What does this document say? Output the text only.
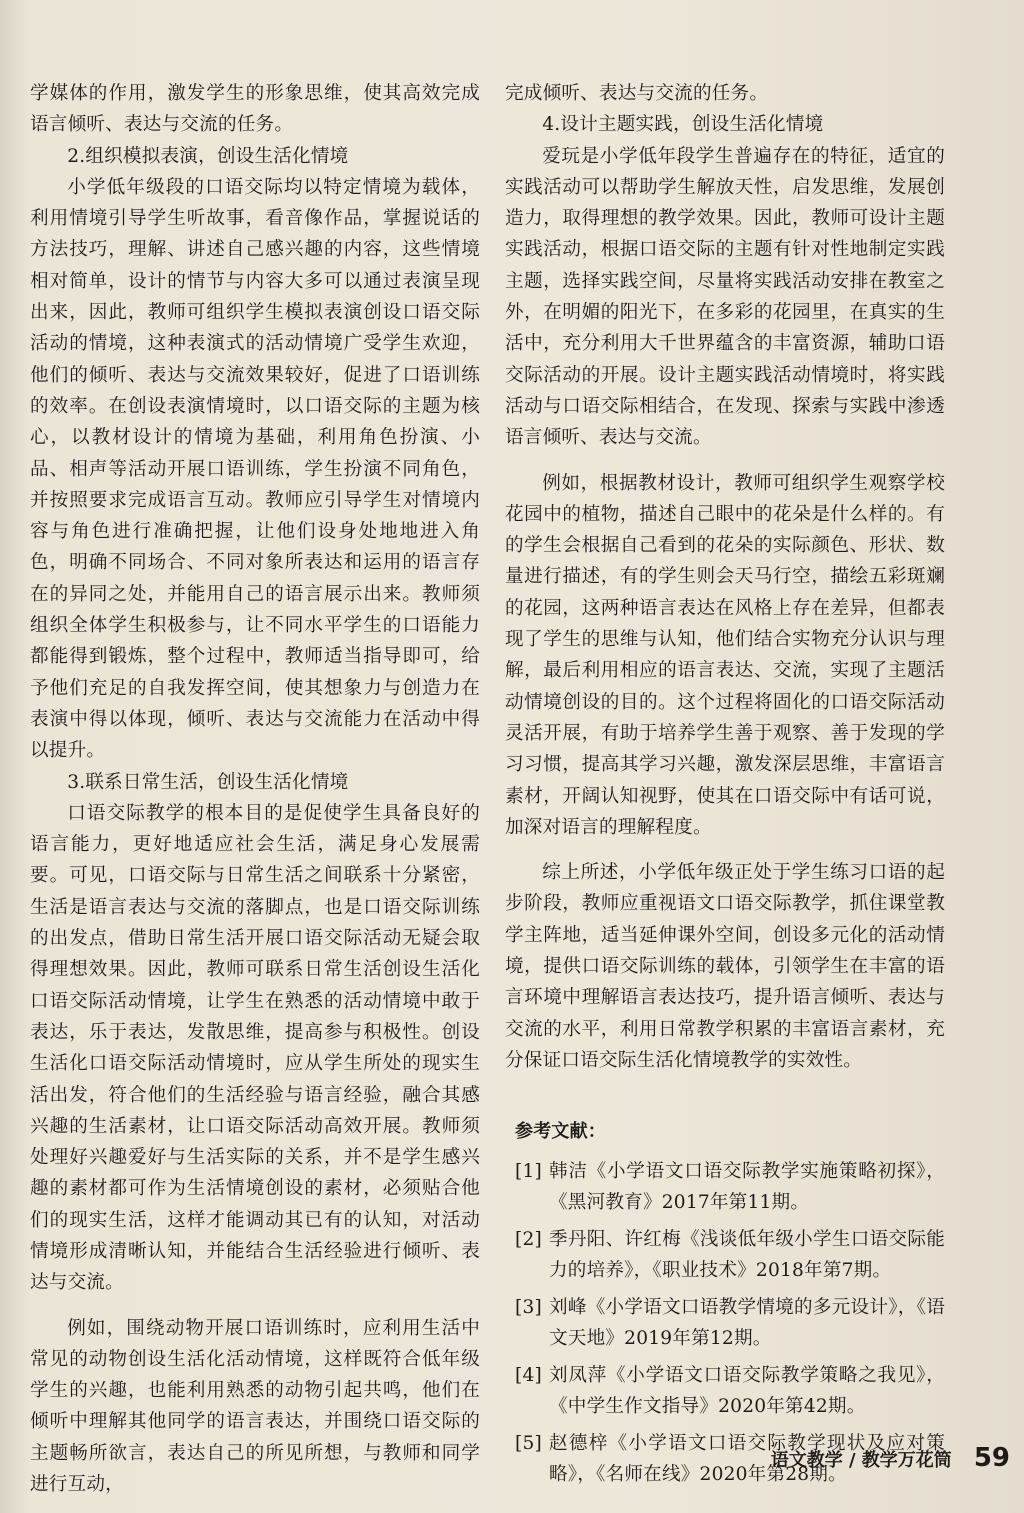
学媒体的作用，激发学生的形象思维，使其高效完成语言倾听、表达与交流的任务。

2.组织模拟表演，创设生活化情境

小学低年级段的口语交际均以特定情境为载体，利用情境引导学生听故事，看音像作品，掌握说话的方法技巧，理解、讲述自己感兴趣的内容，这些情境相对简单，设计的情节与内容大多可以通过表演呈现出来，因此，教师可组织学生模拟表演创设口语交际活动的情境，这种表演式的活动情境广受学生欢迎，他们的倾听、表达与交流效果较好，促进了口语训练的效率。在创设表演情境时，以口语交际的主题为核心，以教材设计的情境为基础，利用角色扮演、小品、相声等活动开展口语训练，学生扮演不同角色，并按照要求完成语言互动。教师应引导学生对情境内容与角色进行准确把握，让他们设身处地地进入角色，明确不同场合、不同对象所表达和运用的语言存在的异同之处，并能用自己的语言展示出来。教师须组织全体学生积极参与，让不同水平学生的口语能力都能得到锻炼，整个过程中，教师适当指导即可，给予他们充足的自我发挥空间，使其想象力与创造力在表演中得以体现，倾听、表达与交流能力在活动中得以提升。

3.联系日常生活，创设生活化情境

口语交际教学的根本目的是促使学生具备良好的语言能力，更好地适应社会生活，满足身心发展需要。可见，口语交际与日常生活之间联系十分紧密，生活是语言表达与交流的落脚点，也是口语交际训练的出发点，借助日常生活开展口语交际活动无疑会取得理想效果。因此，教师可联系日常生活创设生活化口语交际活动情境，让学生在熟悉的活动情境中敢于表达，乐于表达，发散思维，提高参与积极性。创设生活化口语交际活动情境时，应从学生所处的现实生活出发，符合他们的生活经验与语言经验，融合其感兴趣的生活素材，让口语交际活动高效开展。教师须处理好兴趣爱好与生活实际的关系，并不是学生感兴趣的素材都可作为生活情境创设的素材，必须贴合他们的现实生活，这样才能调动其已有的认知，对活动情境形成清晰认知，并能结合生活经验进行倾听、表达与交流。

例如，围绕动物开展口语训练时，应利用生活中常见的动物创设生活化活动情境，这样既符合低年级学生的兴趣，也能利用熟悉的动物引起共鸣，他们在倾听中理解其他同学的语言表达，并围绕口语交际的主题畅所欲言，表达自己的所见所想，与教师和同学进行互动，

完成倾听、表达与交流的任务。

4.设计主题实践，创设生活化情境

爱玩是小学低年段学生普遍存在的特征，适宜的实践活动可以帮助学生解放天性，启发思维，发展创造力，取得理想的教学效果。因此，教师可设计主题实践活动，根据口语交际的主题有针对性地制定实践主题，选择实践空间，尽量将实践活动安排在教室之外，在明媚的阳光下，在多彩的花园里，在真实的生活中，充分利用大千世界蕴含的丰富资源，辅助口语交际活动的开展。设计主题实践活动情境时，将实践活动与口语交际相结合，在发现、探索与实践中渗透语言倾听、表达与交流。

例如，根据教材设计，教师可组织学生观察学校花园中的植物，描述自己眼中的花朵是什么样的。有的学生会根据自己看到的花朵的实际颜色、形状、数量进行描述，有的学生则会天马行空，描绘五彩斑斓的花园，这两种语言表达在风格上存在差异，但都表现了学生的思维与认知，他们结合实物充分认识与理解，最后利用相应的语言表达、交流，实现了主题活动情境创设的目的。这个过程将固化的口语交际活动灵活开展，有助于培养学生善于观察、善于发现的学习习惯，提高其学习兴趣，激发深层思维，丰富语言素材，开阔认知视野，使其在口语交际中有话可说，加深对语言的理解程度。

综上所述，小学低年级正处于学生练习口语的起步阶段，教师应重视语文口语交际教学，抓住课堂教学主阵地，适当延伸课外空间，创设多元化的活动情境，提供口语交际训练的载体，引领学生在丰富的语言环境中理解语言表达技巧，提升语言倾听、表达与交流的水平，利用日常教学积累的丰富语言素材，充分保证口语交际生活化情境教学的实效性。

参考文献：
[1] 韩洁《小学语文口语交际教学实施策略初探》，《黑河教育》2017年第11期。
[2] 季丹阳、许红梅《浅谈低年级小学生口语交际能力的培养》，《职业技术》2018年第7期。
[3] 刘峰《小学语文口语教学情境的多元设计》，《语文天地》2019年第12期。
[4] 刘凤萍《小学语文口语交际教学策略之我见》，《中学生作文指导》2020年第42期。
[5] 赵德梓《小学语文口语交际教学现状及应对策略》，《名师在线》2020年第28期。
语文教学 / 教学万花筒 59
